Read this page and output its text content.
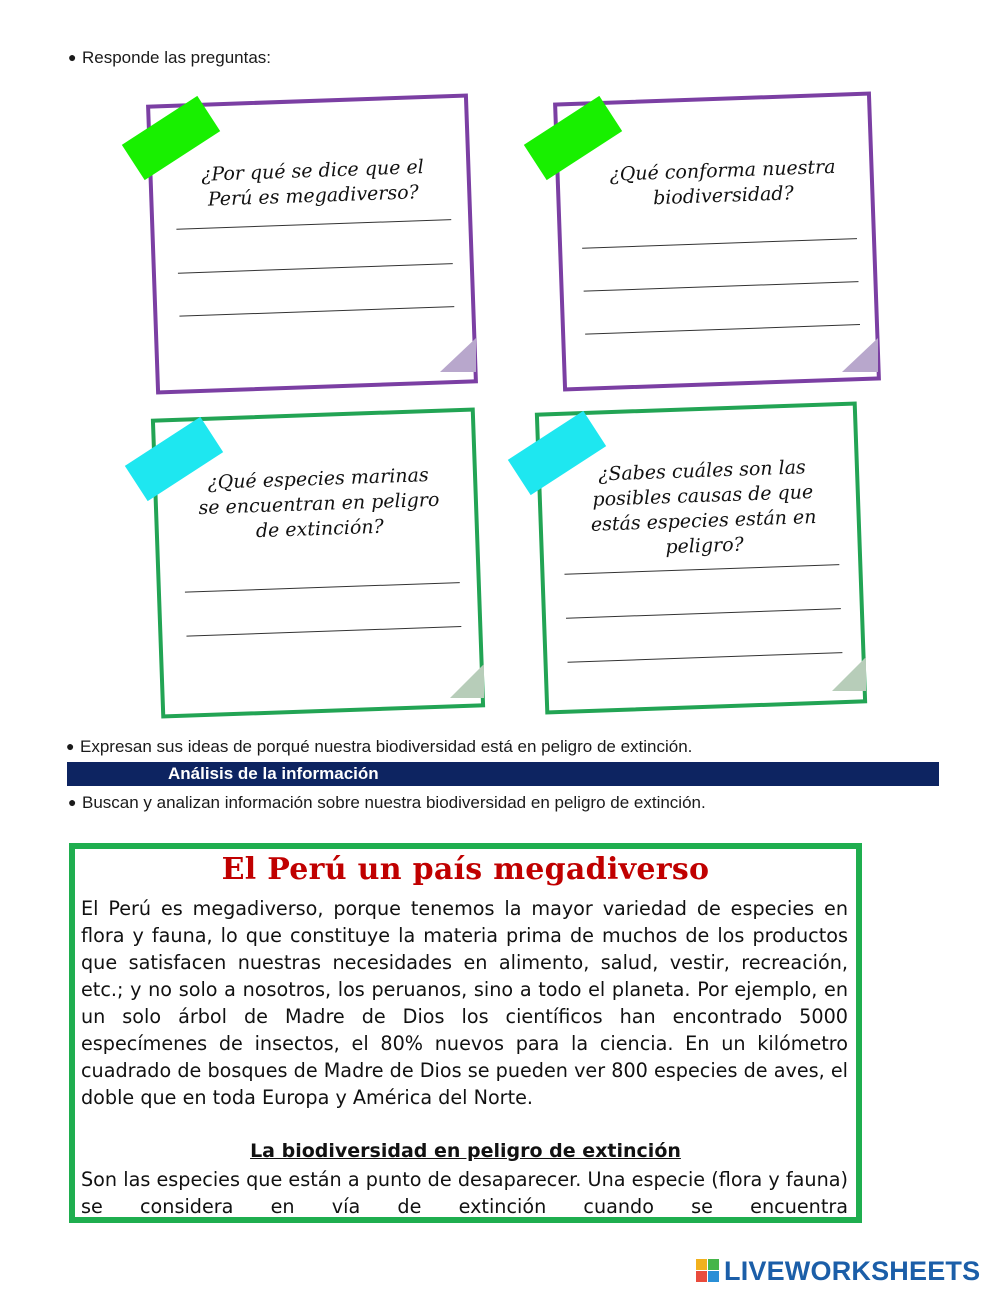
● Responde las preguntas:
¿Por qué se dice que el Perú es megadiverso?
¿Qué conforma nuestra biodiversidad?
¿Qué especies marinas se encuentran en peligro de extinción?
¿Sabes cuáles son las posibles causas de que estás especies están en peligro?
● Expresan sus ideas de porqué nuestra biodiversidad está en peligro de extinción.
Análisis de la información
● Buscan y analizan información sobre nuestra biodiversidad en peligro de extinción.
El Perú un país megadiverso
El Perú es megadiverso, porque tenemos la mayor variedad de especies en flora y fauna, lo que constituye la materia prima de muchos de los productos que satisfacen nuestras necesidades en alimento, salud, vestir, recreación, etc.; y no solo a nosotros, los peruanos, sino a todo el planeta. Por ejemplo, en un solo árbol de Madre de Dios los científicos han encontrado 5000 especímenes de insectos, el 80% nuevos para la ciencia. En un kilómetro cuadrado de bosques de Madre de Dios se pueden ver 800 especies de aves, el doble que en toda Europa y América del Norte.
La biodiversidad en peligro de extinción
Son las especies que están a punto de desaparecer. Una especie (flora y fauna) se considera en vía de extinción cuando se encuentra
LIVEWORKSHEETS
